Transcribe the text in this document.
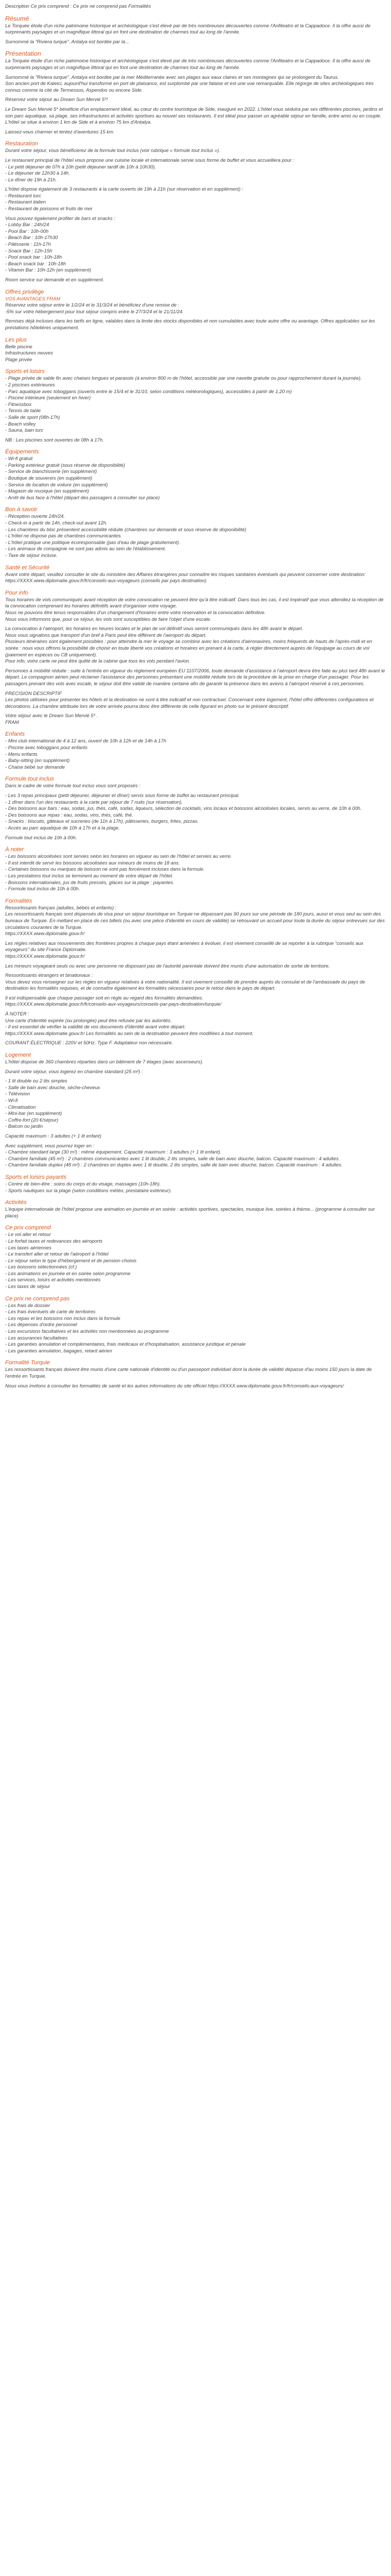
Description Ce prix comprend : Ce prix ne comprend pas Formalités

Résumé

Le Torquée étoile d'un riche patrimoine historique et archéologique s'est élevé par de très nombreuses découvertes comme l'Anfiteatro et la Cappadoce. Il la offre aussi de surprenants paysages et un magnifique littoral qui en font une destination de charmes tout au long de l'année.

Surnommé la "Riviera turque". Antalya est bordée par la...

Présentation

La Torquée étoile d'un riche patrimoine historique et archéologique s'est élevé par de très nombreuses découvertes comme l'Anfiteatro et la Cappadoce. Il la offre aussi de surprenants paysages et un magnifique littoral qui en font une destination de charmes tout au long de l'année.

Surnommé la "Riviera turque". Antalya est bordée par la mer Méditerranée avec ses plages aux eaux claires et ses montagnes qui se prolongent du Taurus.
Son ancien port de Kaleici, aujourd'hui transformé en port de plaisance, est surplombé par une falaise et est une vue remarquable. Elle régorge de sites archéologiques très connus comme la cité de Termessos, Aspendos ou encore Side.

Réservez votre séjour au Dream Sun Mervié 5*!

Le Dream Sun Mervié 5* bénéficie d'un emplacement idéal, au cœur du centre touristique de Side, inauguré en 2022. L'hôtel vous séduira par ses différentes piscines, jardins et son parc aquatique, sa plage, ses infrastructures et activités sportives au nouvel ses restaurants. Il est idéal pour passer un agréable séjour en famille, entre amis ou en couple. L'hôtel se situe à environ 1 km de Side et à environ 75 km d'Antalya.

Laissez-vous charmer et tentez d'aventures 15 km.

Restauration

Durant votre séjour, vous bénéficierez de la formule tout inclus (voir rubrique « formule tout inclus »).

Le restaurant principal de l'hôtel vous propose une cuisine locale et internationale servie sous forme de buffet et vous accueillera pour :
- Le petit déjeuner de 07h à 10h (petit déjeuner tardif de 10h à 10h30).
- Le déjeuner de 12h30 à 14h.
- Le dîner de 19h à 21h.

L'hôtel dispose également de 3 restaurants à la carte ouverts de 19h à 21h (sur réservation et en supplément) :
- Restaurant turc
- Restaurant italien
- Restaurant de poissons et fruits de mer

Vous pouvez également profiter de bars et snacks :
- Lobby Bar : 24h/24
- Pool Bar : 10h-00h
- Beach Bar : 10h-17h30
- Pâtisserie : 11h-17h
- Snack Bar : 12h-15h
- Pool snack bar : 10h-18h
- Beach snack bar : 10h-18h
- Vitamin Bar : 10h-12h (en supplément)

Room service sur demande et en supplément.

Offres privilège
VOS AVANTAGES FRAM

Réservez votre séjour entre le 1/2/24 et le 31/3/24 et bénéficiez d'une remise de :
-5% sur votre hébergement pour tout séjour compris entre le 27/3/24 et le 21/11/24.

Remises déjà incluses dans les tarifs en ligne, valables dans la limite des stocks disponibles et non cumulables avec toute autre offre ou avantage. Offres applicables sur les prestations hôtelières uniquement.

Les plus
Belle piscine
Infrastructures neuves
Plage privée
Sports et loisirs

- Plage privée de sable fin avec chaises longues et parasols (à environ 800 m de l'hôtel, accessible par une navette gratuite ou pour rapprochement durant la journée).
- 2 piscines extérieures
- Parc aquatique avec toboggans (ouverts entre le 15/4 et le 31/10, selon conditions météorologiques), accessibles à partir de 1,20 m)
- Piscine intérieure (seulement en hiver)
- Fitnessbox
- Tennis de table
- Salle de sport (08h-17h)
- Beach volley
- Sauna, bain turc

NB : Les piscines sont ouvertes de 08h à 17h.

Équipements

- Wi-fi gratuit
- Parking extérieur gratuit (sous réserve de disponibilité)
- Service de blanchisserie (en supplément)
- Boutique de souvenirs (en supplément)
- Service de location de voiture (en supplément)
- Magasin de musique (en supplément)
- Arrêt de bus face à l'hôtel (départ des passagers à consulter sur place)

Bon à savoir

- Réception ouverte 24h/24.
- Check-in à partir de 14h, check-out avant 12h.
- Les chambres du bloc présentent accessibilité réduite (chambres sur demande et sous réserve de disponibilité)
- L'hôtel ne dispose pas de chambres communicantes.
- L'hôtel pratique une politique écoresponsable (pas d'eau de plage gratuitement).
- Les animaux de compagnie ne sont pas admis au sein de l'établissement.
- Taxe de séjour incluse.

Santé et Sécurité

Avant votre départ, veuillez consulter le site du ministère des Affaires étrangères pour connaître les risques sanitaires éventuels qui peuvent concerner votre destination: https://XXXX.www.diplomatie.gouv.fr/fr/conseils-aux-voyageurs (conseils par pays destination)

Pour info

Tous horaires de vols communiqués avant réception de votre convocation ne peuvent être qu'à titre indicatif. Dans tous les cas, il est impératif que vous attendiez la réception de la convocation comprenant les horaires définitifs avant d'organiser votre voyage.
Nous ne pouvons être tenus responsables d'un changement d'horaires entre votre réservation et la convocation définitive.
Nous vous informons que, pour ce séjour, les vols sont susceptibles de faire l'objet d'une escale.

La convocation à l'aéroport, les horaires en heures locales et le plan de vol définitif vous seront communiqués dans les 48h avant le départ.
Nous vous signalons que transport d'un bref à Paris peut être différent de l'aéroport du départ.
Plusieurs itinéraires sont également possibles : pour atteindre la mer le voyage se combine avec les créations d'aéronavires, moins fréquents de hauts de l'après-midi et en soirée : nous vous offrons la possibilité de choisir en toute liberté vos créations et horaires en prenant à la carte, à régler directement auprès de l'équipage au cours de vol (paiement en espèces ou CB uniquement).
Pour info, votre carte ne peut être quitté de la cabine que tous les vols pendant l'avion.

Personnes à mobilité réduite : suite à l'entrée en vigueur du règlement européen EU 1107/2006, toute demande d'assistance à l'aéroport devra être faite au plus tard 48h avant le départ. Le compagnon aérien peut réclamer l'assistance des personnes présentant une mobilité réduite lors de la procédure de la prise en charge d'un passager. Pour les passagers prenant des vols avec escale, le séjour doit être validé de manière certaine afin de garantir la présence dans les avions à l'aéroport réservé à ces personnes.

PRECISION DESCRIPTIF
Les photos utilisées pour présenter les hôtels et la destination ne sont à titre indicatif et non contractuel. Concernant votre logement, l'hôtel offre différentes configurations et décorations. La chambre attribuée lors de votre arrivée pourra donc être différente de celle figurant en photo sur le présent descriptif.

Votre séjour avec le Dream Sun Mervié 5* .
FRAM

Enfants

- Mini club international de 4 à 12 ans, ouvert de 10h à 12h et de 14h à 17h
- Piscine avec toboggans pour enfants
- Menu enfants
- Baby-sitting (en supplément)
- Chaise bébé sur demande

Formule tout inclus

Dans le cadre de votre formule tout inclus vous sont proposés :

- Les 3 repas principaux (petit déjeuner, déjeuner et dîner) servis sous forme de buffet au restaurant principal.
- 1 dîner dans l'un des restaurants à la carte par séjour de 7 nuits (sur réservation).
- Des boissons aux bars : eau, sodas, jus, thés, café, sodas, liqueurs, sélection de cocktails, vins locaux et boissons alcoolisées locales, servis au verre, de 10h à 00h.
- Des boissons aux repas : eau, sodas, vins, thés, café, thé.
- Snacks : biscuits, gâteaux et sucreries (de 11h à 17h), pâtisseries, burgers, frites, pizzas.
- Accès au parc aquatique de 10h à 17h et à la plage.

Formule tout inclus de 10h à 00h.

À noter

- Les boissons alcoolisées sont servies selon les horaires en vigueur au sein de l'hôtel et servies au verre.
- Il est interdit de servir les boissons alcoolisées aux mineurs de moins de 18 ans.
- Certaines boissons ou marques de boisson ne sont pas forcément incluses dans la formule.
- Les prestations tout inclus se terminent au moment de votre départ de l'hôtel.
- Boissons internationales, jus de fruits pressés, glaces sur la plage : payantes.
- Formule tout inclus de 10h à 00h.

Formalités

Ressortissants français (adultes, bébés et enfants) :
Les ressortissants français sont dispensés de visa pour un séjour touristique en Turquie ne dépassant pas 90 jours sur une période de 180 jours, aussi et vous seul au sein des bureaux de Turquie. En mettant en place de ces billets (ou avec une pièce d'identité en cours de validité) se retrouvant un accueil pour toute la durée du séjour entrevues sur des circulations courantes de la Turquie.
https://XXXX.www.diplomatie.gouv.fr/

Les règles relatives aux mouvements des frontières propres à chaque pays étant amenées à évoluer, il est vivement conseillé de se reporter à la rubrique "conseils aux voyageurs" du site France Diplomatie.
https://XXXX.www.diplomatie.gouv.fr/

Les mineurs voyageant seuls ou avec une personne ne disposant pas de l'autorité parentale doivent être munis d'une autorisation de sortie de territoire.

Ressortissants étrangers et binationaux :
Vous devez vous renseigner sur les règles en vigueur relatives à votre nationalité. Il est vivement conseillé de prendre auprès du consulat et de l'ambassade du pays de destination les formalités requises, et de connaître également les formalités nécessaires pour le retour dans le pays de départ.

Il est indispensable que chaque passager soit en règle au regard des formalités demandées.
https://XXXX.www.diplomatie.gouv.fr/fr/conseils-aux-voyageurs/conseils-par-pays-destination/turquie/

À NOTER :
Une carte d'identité expirée (ou prolongée) peut être refusée par les autorités.
- Il est essentiel de vérifier la validité de vos documents d'identité avant votre départ.
https://XXXX.www.diplomatie.gouv.fr/ Les formalités au sein de la destination peuvent être modifiées à tout moment.

COURANT ÉLECTRIQUE : 220V et 50Hz. Type F. Adaptateur non nécessaire.

Logement

L'hôtel dispose de 360 chambres réparties dans un bâtiment de 7 étages (avec ascenseurs).

Durant votre séjour, vous logerez en chambre standard (25 m²) :

- 1 lit double ou 2 lits simples
- Salle de bain avec douche, sèche-cheveux
- Télévision
- Wi-fi
- Climatisation
- Mini-bar (en supplément)
- Coffre-fort (20 €/séjour)
- Balcon ou jardin

Capacité maximum : 3 adultes (+ 1 lit enfant)

Avec supplément, vous pourrez loger en :
- Chambre standard large (30 m²) : même équipement. Capacité maximum : 3 adultes (+ 1 lit enfant).
- Chambre familiale (45 m²) : 2 chambres communicantes avec 1 lit double, 2 lits simples, salle de bain avec douche, balcon. Capacité maximum : 4 adultes.
- Chambre familiale duplex (48 m²) : 2 chambres en duplex avec 1 lit double, 2 lits simples, salle de bain avec douche, balcon. Capacité maximum : 4 adultes.

Sports et loisirs payants

- Centre de bien-être : soins du corps et du visage, massages (10h-18h).
- Sports nautiques sur la plage (selon conditions météo, prestataire extérieur).

Activités

L'équipe internationale de l'hôtel propose une animation en journée et en soirée : activités sportives, spectacles, musique live, soirées à thème... (programme à consulter sur place)

Ce prix comprend

- Le vol aller et retour
- Le forfait taxes et redevances des aéroports
- Les taxes aériennes
- Le transfert aller et retour de l'aéroport à l'hôtel
- Le séjour selon le type d'hébergement et de pension choisis
- Les boissons sélectionnées (cf.)
- Les animations en journée et en soirée selon programme
- Les services, loisirs et activités mentionnés
- Les taxes de séjour

Ce prix ne comprend pas

- Les frais de dossier
- Les frais éventuels de carte de territoires
- Les repas et les boissons non inclus dans la formule
- Les dépenses d'ordre personnel
- Les excursions facultatives et les activités non mentionnées au programme
- Les assurances facultatives
- Les garanties annulation et complémentaires, frais médicaux et d'hospitalisation, assistance juridique et pénale
- Les garanties annulation, bagages, retard aérien

Formalité Turquie

Les ressortissants français doivent être munis d'une carte nationale d'identité ou d'un passeport individuel dont la durée de validité dépasse d'au moins 150 jours la date de l'entrée en Turquie.

Nous vous invitons à consulter les formalités de santé et les autres informations du site officiel https://XXXX.www.diplomatie.gouv.fr/fr/conseils-aux-voyageurs/
